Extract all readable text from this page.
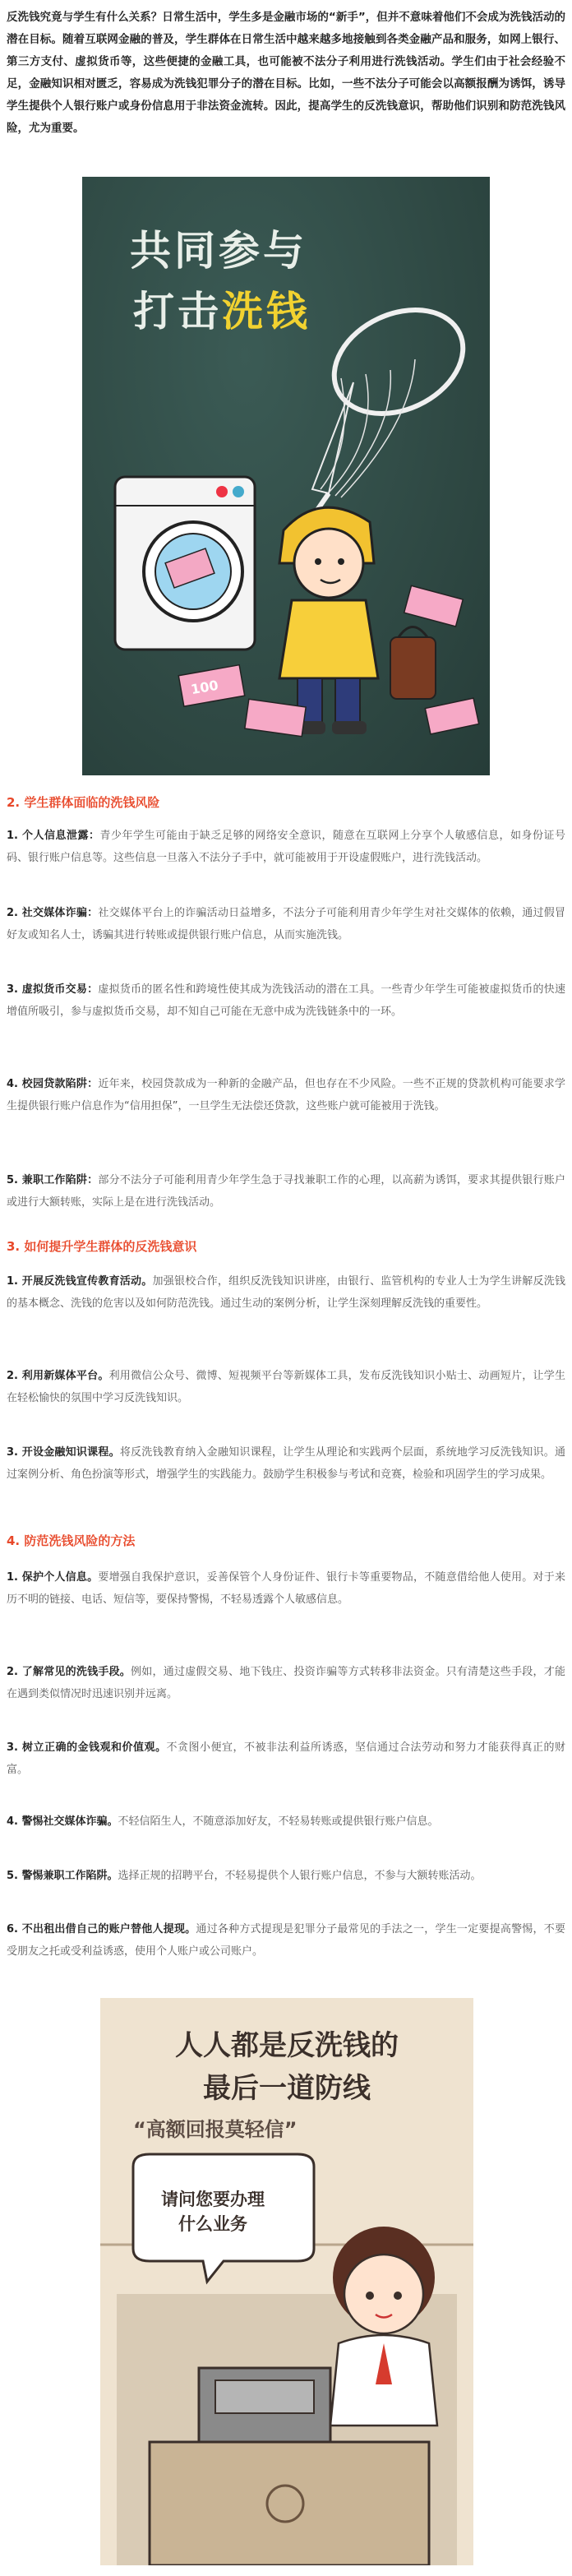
反洗钱究竟与学生有什么关系？日常生活中，学生多是金融市场的“新手”，但并不意味着他们不会成为洗钱活动的潜在目标。随着互联网金融的普及，学生群体在日常生活中越来越多地接触到各类金融产品和服务，如网上银行、第三方支付、虚拟货币等，这些便捷的金融工具，也可能被不法分子利用进行洗钱活动。学生们由于社会经验不足，金融知识相对匮乏，容易成为洗钱犯罪分子的潜在目标。比如，一些不法分子可能会以高额报酬为诱饵，诱导学生提供个人银行账户或身份信息用于非法资金流转。因此，提高学生的反洗钱意识，帮助他们识别和防范洗钱风险，尤为重要。
共同参与
打击洗钱
100
2. 学生群体面临的洗钱风险
1. 个人信息泄露：青少年学生可能由于缺乏足够的网络安全意识，随意在互联网上分享个人敏感信息，如身份证号码、银行账户信息等。这些信息一旦落入不法分子手中，就可能被用于开设虚假账户，进行洗钱活动。
2. 社交媒体诈骗：社交媒体平台上的诈骗活动日益增多，不法分子可能利用青少年学生对社交媒体的依赖，通过假冒好友或知名人士，诱骗其进行转账或提供银行账户信息，从而实施洗钱。
3. 虚拟货币交易：虚拟货币的匿名性和跨境性使其成为洗钱活动的潜在工具。一些青少年学生可能被虚拟货币的快速增值所吸引，参与虚拟货币交易，却不知自己可能在无意中成为洗钱链条中的一环。
4. 校园贷款陷阱：近年来，校园贷款成为一种新的金融产品，但也存在不少风险。一些不正规的贷款机构可能要求学生提供银行账户信息作为“信用担保”，一旦学生无法偿还贷款，这些账户就可能被用于洗钱。
5. 兼职工作陷阱：部分不法分子可能利用青少年学生急于寻找兼职工作的心理，以高薪为诱饵，要求其提供银行账户或进行大额转账，实际上是在进行洗钱活动。
3. 如何提升学生群体的反洗钱意识
1. 开展反洗钱宣传教育活动。加强银校合作，组织反洗钱知识讲座，由银行、监管机构的专业人士为学生讲解反洗钱的基本概念、洗钱的危害以及如何防范洗钱。通过生动的案例分析，让学生深刻理解反洗钱的重要性。
2. 利用新媒体平台。利用微信公众号、微博、短视频平台等新媒体工具，发布反洗钱知识小贴士、动画短片，让学生在轻松愉快的氛围中学习反洗钱知识。
3. 开设金融知识课程。将反洗钱教育纳入金融知识课程，让学生从理论和实践两个层面，系统地学习反洗钱知识。通过案例分析、角色扮演等形式，增强学生的实践能力。鼓励学生积极参与考试和竞赛，检验和巩固学生的学习成果。
4. 防范洗钱风险的方法
1. 保护个人信息。要增强自我保护意识，妥善保管个人身份证件、银行卡等重要物品，不随意借给他人使用。对于来历不明的链接、电话、短信等，要保持警惕，不轻易透露个人敏感信息。
2. 了解常见的洗钱手段。例如，通过虚假交易、地下钱庄、投资诈骗等方式转移非法资金。只有清楚这些手段，才能在遇到类似情况时迅速识别并远离。
3. 树立正确的金钱观和价值观。不贪图小便宜，不被非法利益所诱惑，坚信通过合法劳动和努力才能获得真正的财富。
4. 警惕社交媒体诈骗。不轻信陌生人，不随意添加好友，不轻易转账或提供银行账户信息。
5. 警惕兼职工作陷阱。选择正规的招聘平台，不轻易提供个人银行账户信息，不参与大额转账活动。
6. 不出租出借自己的账户替他人提现。通过各种方式提现是犯罪分子最常见的手法之一，学生一定要提高警惕，不要受朋友之托或受利益诱惑，使用个人账户或公司账户。
人人都是反洗钱的
最后一道防线
“高额回报莫轻信”
请问您要办理
什么业务
